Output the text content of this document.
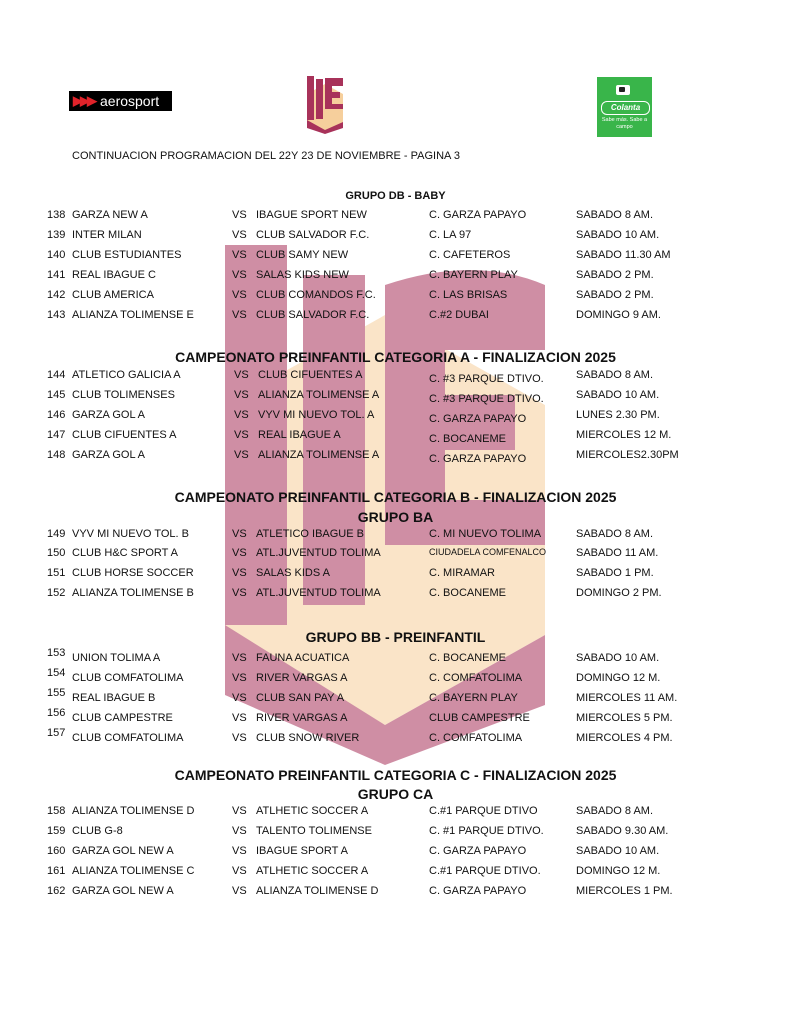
▶▶▶ aerosport	Colanta
Sabe más. Sabe a campo
CONTINUACION PROGRAMACION DEL 22Y 23 DE NOVIEMBRE - PAGINA 3
GRUPO DB - BABY
138 GARZA NEW A	VS IBAGUE SPORT NEW	C. GARZA PAPAYO	SABADO 8 AM.
139 INTER MILAN	VS CLUB SALVADOR F.C.	C. LA 97	SABADO 10 AM.
140 CLUB ESTUDIANTES	VS CLUB SAMY NEW	C. CAFETEROS	SABADO 11.30 AM
141 REAL IBAGUE C	VS SALAS KIDS NEW	C. BAYERN PLAY	SABADO 2 PM.
142 CLUB AMERICA	VS CLUB COMANDOS F.C.	C. LAS BRISAS	SABADO 2 PM.
143 ALIANZA TOLIMENSE E	VS CLUB SALVADOR F.C.	C.#2 DUBAI	DOMINGO 9 AM.
CAMPEONATO PREINFANTIL CATEGORIA A - FINALIZACION 2025
144 ATLETICO GALICIA A	VS CLUB CIFUENTES A	C. #3 PARQUE DTIVO.	SABADO 8 AM.
145 CLUB TOLIMENSES	VS ALIANZA TOLIMENSE A	C. #3 PARQUE DTIVO.	SABADO 10 AM.
146 GARZA GOL A	VS VYV MI NUEVO TOL. A	C. GARZA PAPAYO	LUNES 2.30 PM.
147 CLUB CIFUENTES A	VS REAL IBAGUE A	C. BOCANEME	MIERCOLES 12 M.
148 GARZA GOL A	VS ALIANZA TOLIMENSE A	C. GARZA PAPAYO	MIERCOLES2.30PM
CAMPEONATO PREINFANTIL CATEGORIA B - FINALIZACION 2025
GRUPO BA
149 VYV MI NUEVO TOL. B	VS ATLETICO IBAGUE B	C. MI NUEVO TOLIMA	SABADO 8 AM.
150 CLUB H&C SPORT A	VS ATL.JUVENTUD TOLIMA	CIUDADELA COMFENALCO	SABADO 11 AM.
151 CLUB HORSE SOCCER	VS SALAS KIDS A	C. MIRAMAR	SABADO 1 PM.
152 ALIANZA TOLIMENSE B	VS ATL.JUVENTUD TOLIMA	C. BOCANEME	DOMINGO 2 PM.
GRUPO BB - PREINFANTIL
153 UNION TOLIMA A	VS FAUNA ACUATICA	C. BOCANEME	SABADO 10 AM.
154 CLUB COMFATOLIMA	VS RIVER VARGAS A	C. COMFATOLIMA	DOMINGO 12 M.
155 REAL IBAGUE B	VS CLUB SAN PAY A	C. BAYERN PLAY	MIERCOLES 11 AM.
156 CLUB CAMPESTRE	VS RIVER VARGAS A	CLUB CAMPESTRE	MIERCOLES 5 PM.
157 CLUB COMFATOLIMA	VS CLUB SNOW RIVER	C. COMFATOLIMA	MIERCOLES 4 PM.
CAMPEONATO PREINFANTIL CATEGORIA C - FINALIZACION 2025
GRUPO CA
158 ALIANZA TOLIMENSE D	VS ATLHETIC SOCCER A	C.#1 PARQUE DTIVO	SABADO 8 AM.
159 CLUB G-8	VS TALENTO TOLIMENSE	C. #1 PARQUE DTIVO.	SABADO 9.30 AM.
160 GARZA GOL NEW A	VS IBAGUE SPORT A	C. GARZA PAPAYO	SABADO 10 AM.
161 ALIANZA TOLIMENSE C	VS ATLHETIC SOCCER A	C.#1 PARQUE DTIVO.	DOMINGO 12 M.
162 GARZA GOL NEW A	VS ALIANZA TOLIMENSE D	C. GARZA PAPAYO	MIERCOLES 1 PM.
